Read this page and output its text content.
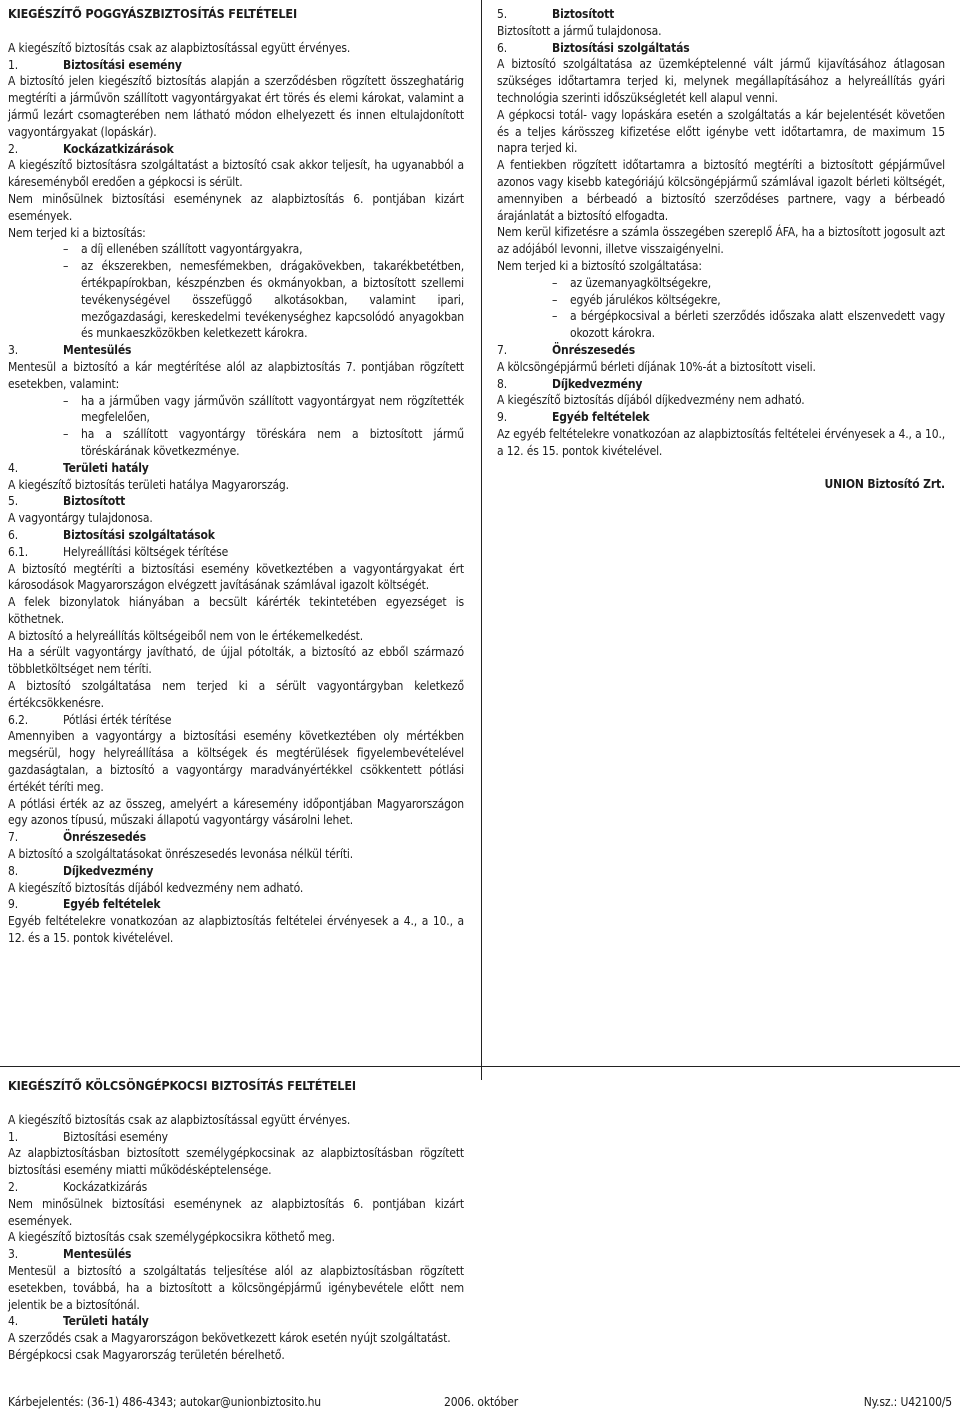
KIEGÉSZÍTŐ POGGYÁSZBIZTOSÍTÁS FELTÉTELEI

A kiegészítő biztosítás csak az alapbiztosítással együtt érvényes.

1.	Biztosítási esemény

A biztosító jelen kiegészítő biztosítás alapján a szerződésben rögzített összeghatárig megtéríti a járművön szállított vagyontárgyakat ért törés és elemi károkat, valamint a jármű lezárt csomagterében nem látható módon elhelyezett és innen eltulajdonított vagyontárgyakat (lopáskár).

2.	Kockázatkizárások

A kiegészítő biztosításra szolgáltatást a biztosító csak akkor teljesít, ha ugyanabból a káreseményből eredően a gépkocsi is sérült.

Nem minősülnek biztosítási eseménynek az alapbiztosítás 6. pontjában kizárt események.

Nem terjed ki a biztosítás:

– a díj ellenében szállított vagyontárgyakra,
– az ékszerekben, nemesfémekben, drágakövekben, takarékbetétben, értékpapírokban, készpénzben és okmányokban, a biztosított szellemi tevékenységével összefüggő alkotásokban, valamint ipari, mezőgazdasági, kereskedelmi tevékenységhez kapcsolódó anyagokban és munkaeszközökben keletkezett károkra.
3.	Mentesülés

Mentesül a biztosító a kár megtérítése alól az alapbiztosítás 7. pontjában rögzített esetekben, valamint:

– ha a járműben vagy járművön szállított vagyontárgyat nem rögzítették megfelelően,
– ha a szállított vagyontárgy töréskára nem a biztosított jármű töréskárának következménye.
4.	Területi hatály

A kiegészítő biztosítás területi hatálya Magyarország.

5.	Biztosított

A vagyontárgy tulajdonosa.

6.	Biztosítási szolgáltatások
6.1.	Helyreállítási költségek térítése

A biztosító megtéríti a biztosítási esemény következtében a vagyontárgyakat ért károsodások Magyarországon elvégzett javításának számlával igazolt költségét.

A felek bizonylatok hiányában a becsült kárérték tekintetében egyezséget is köthetnek.

A biztosító a helyreállítás költségeiből nem von le értékemelkedést.

Ha a sérült vagyontárgy javítható, de újjal pótolták, a biztosító az ebből származó többletköltséget nem téríti.

A biztosító szolgáltatása nem terjed ki a sérült vagyontárgyban keletkező értékcsökkenésre.

6.2.	Pótlási érték térítése

Amennyiben a vagyontárgy a biztosítási esemény következtében oly mértékben megsérül, hogy helyreállítása a költségek és megtérülések figyelembevételével gazdaságtalan, a biztosító a vagyontárgy maradványértékkel csökkentett pótlási értékét téríti meg.

A pótlási érték az az összeg, amelyért a káresemény időpontjában Magyarországon egy azonos típusú, műszaki állapotú vagyontárgy vásárolni lehet.

7.	Önrészesedés

A biztosító a szolgáltatásokat önrészesedés levonása nélkül téríti.

8.	Díjkedvezmény

A kiegészítő biztosítás díjából kedvezmény nem adható.

9.	Egyéb feltételek

Egyéb feltételekre vonatkozóan az alapbiztosítás feltételei érvényesek a 4., a 10., a 12. és a 15. pontok kivételével.

5.	Biztosított

Biztosított a jármű tulajdonosa.

6.	Biztosítási szolgáltatás

A biztosító szolgáltatása az üzemképtelenné vált jármű kijavításához átlagosan szükséges időtartamra terjed ki, melynek megállapításához a helyreállítás gyári technológia szerinti időszükségletét kell alapul venni.

A gépkocsi totál- vagy lopáskára esetén a szolgáltatás a kár bejelentését követően és a teljes kárösszeg kifizetése előtt igénybe vett időtartamra, de maximum 15 napra terjed ki.

A fentiekben rögzített időtartamra a biztosító megtéríti a biztosított gépjárművel azonos vagy kisebb kategóriájú kölcsöngépjármű számlával igazolt bérleti költségét, amennyiben a bérbeadó a biztosító szerződéses partnere, vagy a bérbeadó árajánlatát a biztosító elfogadta.

Nem kerül kifizetésre a számla összegében szereplő ÁFA, ha a biztosított jogosult azt az adójából levonni, illetve visszaigényelni.

Nem terjed ki a biztosító szolgáltatása:

– az üzemanyagköltségekre,
– egyéb járulékos költségekre,
– a bérgépkocsival a bérleti szerződés időszaka alatt elszenvedett vagy okozott károkra.
7.	Önrészesedés

A kölcsöngépjármű bérleti díjának 10%-át a biztosított viseli.

8.	Díjkedvezmény

A kiegészítő biztosítás díjából díjkedvezmény nem adható.

9.	Egyéb feltételek

Az egyéb feltételekre vonatkozóan az alapbiztosítás feltételei érvényesek a 4., a 10., a 12. és 15. pontok kivételével.

UNION Biztosító Zrt.
KIEGÉSZÍTŐ KÖLCSÖNGÉPKOCSI BIZTOSÍTÁS FELTÉTELEI

A kiegészítő biztosítás csak az alapbiztosítással együtt érvényes.

1.	Biztosítási esemény

Az alapbiztosításban biztosított személygépkocsinak az alapbiztosításban rögzített biztosítási esemény miatti működésképtelensége.

2.	Kockázatkizárás

Nem minősülnek biztosítási eseménynek az alapbiztosítás 6. pontjában kizárt események.

A kiegészítő biztosítás csak személygépkocsikra köthető meg.

3.	Mentesülés

Mentesül a biztosító a szolgáltatás teljesítése alól az alapbiztosításban rögzített esetekben, továbbá, ha a biztosított a kölcsöngépjármű igénybevétele előtt nem jelentik be a biztosítónál.

4.	Területi hatály

A szerződés csak a Magyarországon bekövetkezett károk esetén nyújt szolgáltatást.

Bérgépkocsi csak Magyarország területén bérelhető.

Kárbejelentés: (36-1) 486-4343; autokar@unionbiztosito.hu	2006. október	Ny.sz.: U42100/5
